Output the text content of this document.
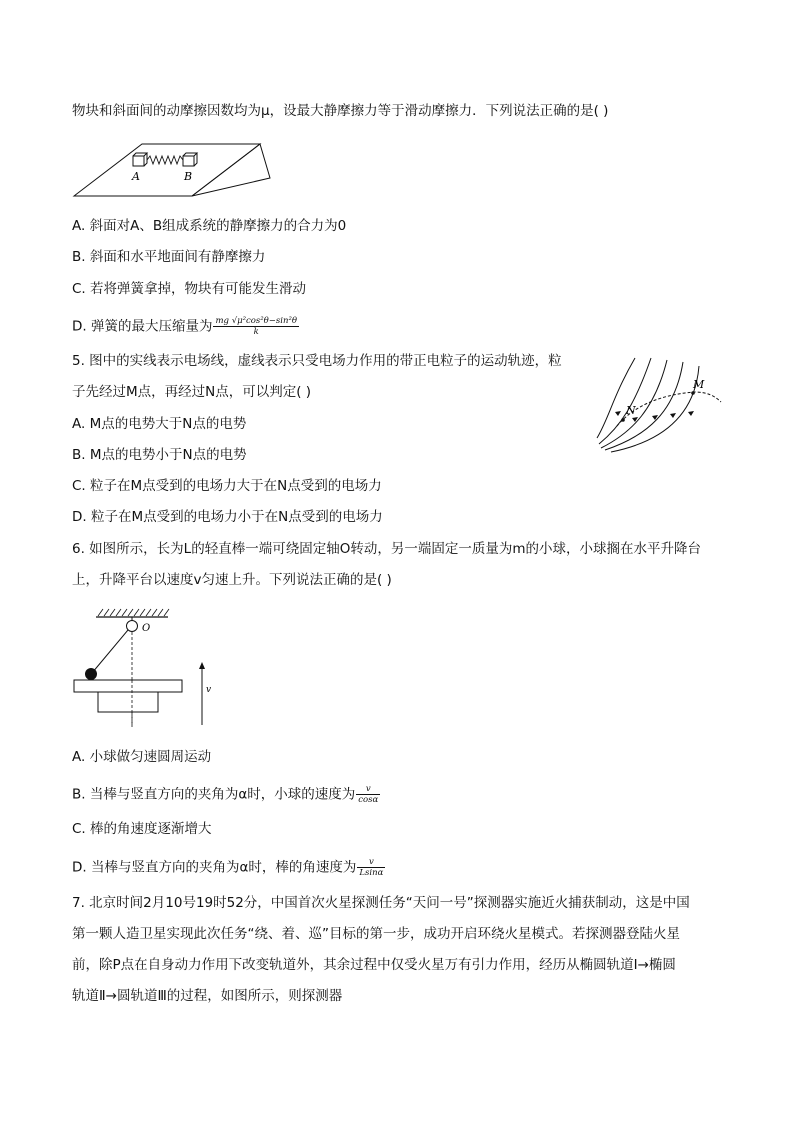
物块和斜面间的动摩擦因数均为μ，设最大静摩擦力等于滑动摩擦力．下列说法正确的是( )
A	B
A. 斜面对A、B组成系统的静摩擦力的合力为0
B. 斜面和水平地面间有静摩擦力
C. 若将弹簧拿掉，物块有可能发生滑动
D. 弹簧的最大压缩量为 $\frac{\text{mg √μ²cos²θ−sin²θ}}{k}$
5. 图中的实线表示电场线，虚线表示只受电场力作用的带正电粒子的运动轨迹，粒
子先经过M点，再经过N点，可以判定( )
N
M
A. M点的电势大于N点的电势
B. M点的电势小于N点的电势
C. 粒子在M点受到的电场力大于在N点受到的电场力
D. 粒子在M点受到的电场力小于在N点受到的电场力
6. 如图所示，长为L的轻直棒一端可绕固定轴O转动，另一端固定一质量为m的小球，小球搁在水平升降台
上，升降平台以速度v匀速上升。下列说法正确的是( )
O
v
A. 小球做匀速圆周运动
B. 当棒与竖直方向的夹角为α时，小球的速度为 $\frac{v}{\cos\alpha}$
C. 棒的角速度逐渐增大
D. 当棒与竖直方向的夹角为α时，棒的角速度为 $\frac{v}{Lsin\alpha}$
7. 北京时间2月10号19时52分，中国首次火星探测任务“天问一号”探测器实施近火捕获制动，这是中国
第一颗人造卫星实现此次任务“绕、着、巡”目标的第一步，成功开启环绕火星模式。若探测器登陆火星
前，除P点在自身动力作用下改变轨道外，其余过程中仅受火星万有引力作用，经历从椭圆轨道Ⅰ→椭圆
轨道Ⅱ→圆轨道Ⅲ的过程，如图所示，则探测器
